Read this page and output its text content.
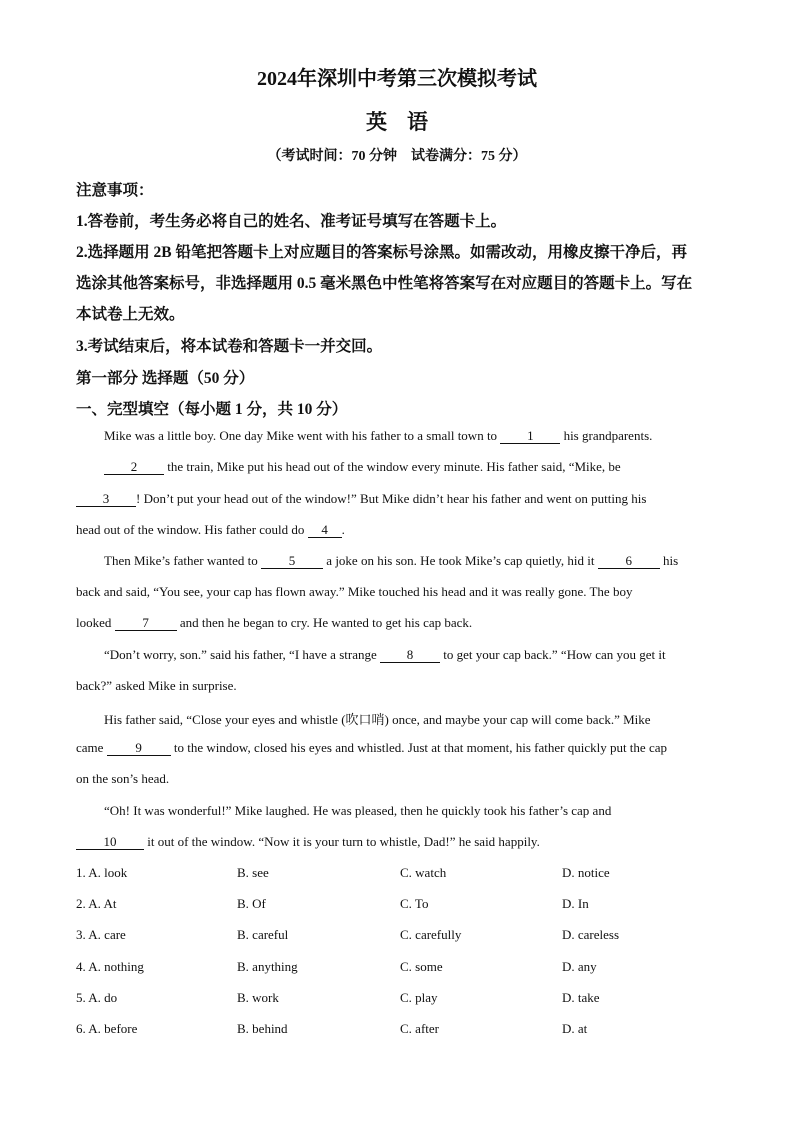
2024年深圳中考第三次模拟考试
英 语
（考试时间：70 分钟　试卷满分：75 分）
注意事项：
1.答卷前，考生务必将自己的姓名、准考证号填写在答题卡上。
2.选择题用 2B 铅笔把答题卡上对应题目的答案标号涂黑。如需改动，用橡皮擦干净后，再
选涂其他答案标号，非选择题用 0.5 毫米黑色中性笔将答案写在对应题目的答题卡上。写在
本试卷上无效。
3.考试结束后，将本试卷和答题卡一并交回。
第一部分 选择题（50 分）
一、完型填空（每小题 1 分，共 10 分）
Mike was a little boy. One day Mike went with his father to a small town to 1 his grandparents.
2 the train, Mike put his head out of the window every minute. His father said, “Mike, be
3 ! Don’t put your head out of the window!” But Mike didn’t hear his father and went on putting his
head out of the window. His father could do 4 .
Then Mike’s father wanted to 5 a joke on his son. He took Mike’s cap quietly, hid it 6 his
back and said, “You see, your cap has flown away.” Mike touched his head and it was really gone. The boy
looked 7 and then he began to cry. He wanted to get his cap back.
“Don’t worry, son.” said his father, “I have a strange 8 to get your cap back.” “How can you get it
back?” asked Mike in surprise.
His father said, “Close your eyes and whistle (吹口哨) once, and maybe your cap will come back.” Mike
came 9 to the window, closed his eyes and whistled. Just at that moment, his father quickly put the cap
on the son’s head.
“Oh! It was wonderful!” Mike laughed. He was pleased, then he quickly took his father’s cap and
10 it out of the window. “Now it is your turn to whistle, Dad!” he said happily.
1. A. look	B. see	C. watch	D. notice
2. A. At	B. Of	C. To	D. In
3. A. care	B. careful	C. carefully	D. careless
4. A. nothing	B. anything	C. some	D. any
5. A. do	B. work	C. play	D. take
6. A. before	B. behind	C. after	D. at
